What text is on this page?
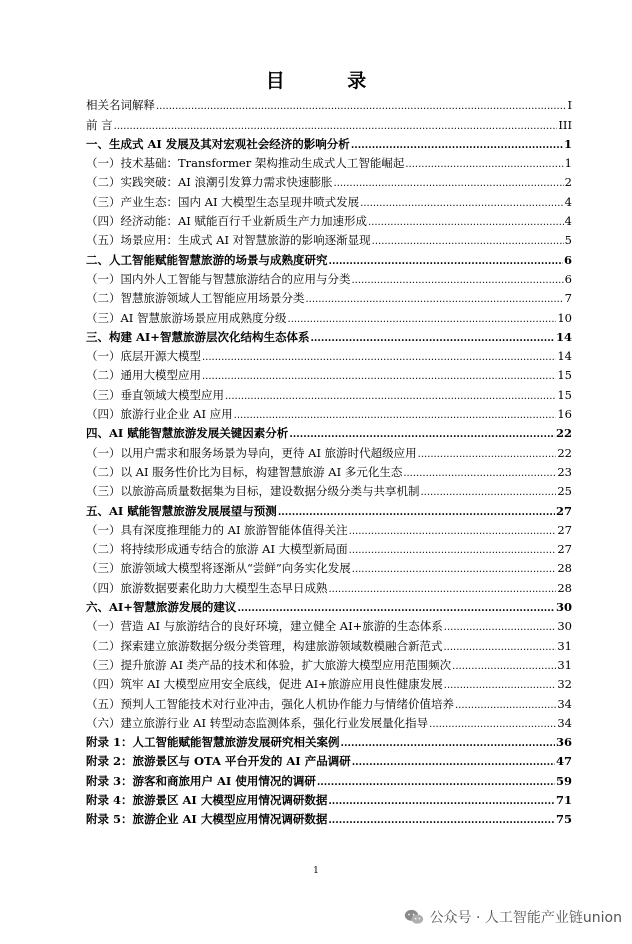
目 录
相关名词解释 .....	I
前 言 .....	III
一、生成式 AI 发展及其对宏观社会经济的影响分析 .....	1
（一）技术基础：Transformer 架构推动生成式人工智能崛起 .....	1
（二）实践突破：AI 浪潮引发算力需求快速膨胀 .....	2
（三）产业生态：国内 AI 大模型生态呈现井喷式发展 .....	4
（四）经济动能：AI 赋能百行千业新质生产力加速形成 .....	4
（五）场景应用：生成式 AI 对智慧旅游的影响逐渐显现 .....	5
二、人工智能赋能智慧旅游的场景与成熟度研究 .....	6
（一）国内外人工智能与智慧旅游结合的应用与分类 .....	6
（二）智慧旅游领域人工智能应用场景分类 .....	7
（三）AI 智慧旅游场景应用成熟度分级 .....	10
三、构建 AI+智慧旅游层次化结构生态体系 .....	14
（一）底层开源大模型 .....	14
（二）通用大模型应用 .....	15
（三）垂直领域大模型应用 .....	15
（四）旅游行业企业 AI 应用 .....	16
四、AI 赋能智慧旅游发展关键因素分析 .....	22
（一）以用户需求和服务场景为导向，更待 AI 旅游时代超级应用 .....	22
（二）以 AI 服务性价比为目标，构建智慧旅游 AI 多元化生态 .....	23
（三）以旅游高质量数据集为目标，建设数据分级分类与共享机制 .....	25
五、AI 赋能智慧旅游发展展望与预测 .....	27
（一）具有深度推理能力的 AI 旅游智能体值得关注 .....	27
（二）将持续形成通专结合的旅游 AI 大模型新局面 .....	27
（三）旅游领域大模型将逐渐从“尝鲜”向务实化发展 .....	28
（四）旅游数据要素化助力大模型生态早日成熟 .....	28
六、AI+智慧旅游发展的建议 .....	30
（一）营造 AI 与旅游结合的良好环境，建立健全 AI+旅游的生态体系 .....	30
（二）探索建立旅游数据分级分类管理，构建旅游领域数模融合新范式 .....	31
（三）提升旅游 AI 类产品的技术和体验，扩大旅游大模型应用范围频次 .....	31
（四）筑牢 AI 大模型应用安全底线，促进 AI+旅游应用良性健康发展 .....	32
（五）预判人工智能技术对行业冲击，强化人机协作能力与情绪价值培养 .....	34
（六）建立旅游行业 AI 转型动态监测体系，强化行业发展量化指导 .....	34
附录 1：人工智能赋能智慧旅游发展研究相关案例 .....	36
附录 2：旅游景区与 OTA 平台开发的 AI 产品调研 .....	47
附录 3：游客和商旅用户 AI 使用情况的调研 .....	59
附录 4：旅游景区 AI 大模型应用情况调研数据 .....	71
附录 5：旅游企业 AI 大模型应用情况调研数据 .....	75
1
公众号 · 人工智能产业链union
